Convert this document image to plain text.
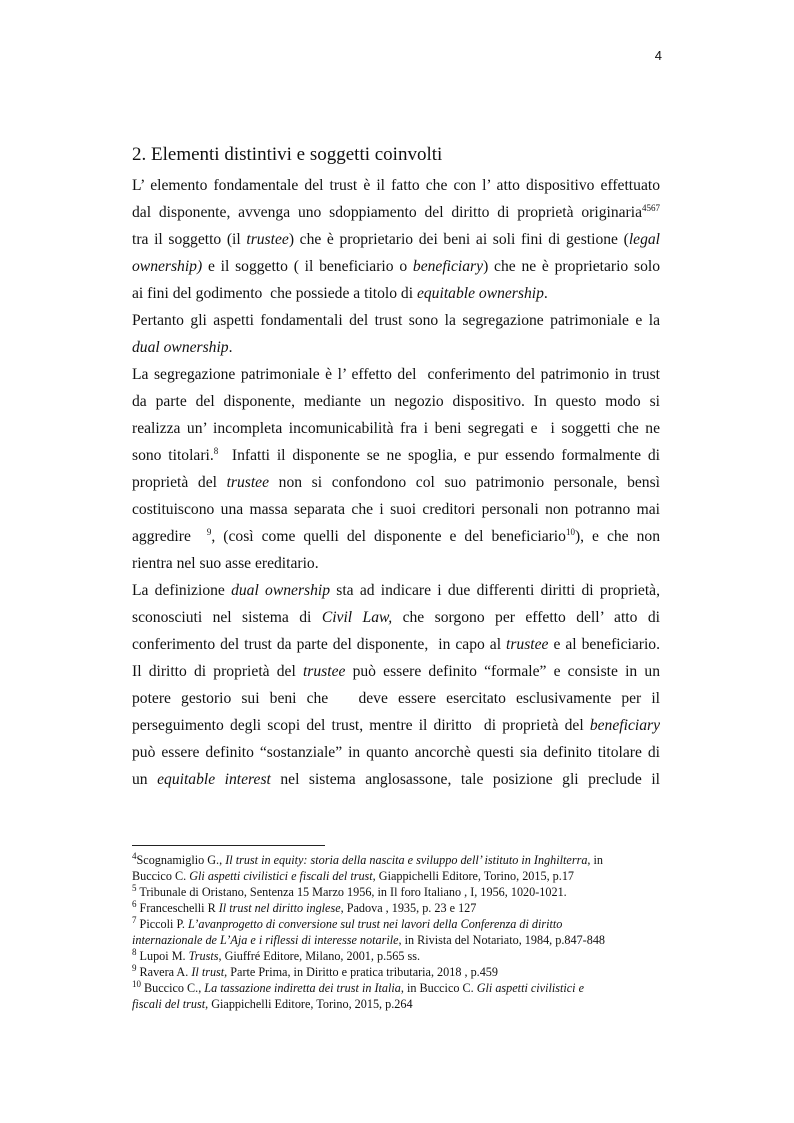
4
2. Elementi distintivi e soggetti coinvolti
L’ elemento fondamentale del trust è il fatto che con l’ atto dispositivo effettuato
dal disponente, avvenga uno sdoppiamento del diritto di proprietà originaria$^{4567}$
tra il soggetto (il trustee) che è proprietario dei beni ai soli fini di gestione (legal
ownership) e il soggetto ( il beneficiario o beneficiary) che ne è proprietario solo
ai fini del godimento  che possiede a titolo di equitable ownership.
Pertanto gli aspetti fondamentali del trust sono la segregazione patrimoniale e la
dual ownership.
La segregazione patrimoniale è l’ effetto del  conferimento del patrimonio in trust
da parte del disponente, mediante un negozio dispositivo. In questo modo si
realizza un’ incompleta incomunicabilità fra i beni segregati e  i soggetti che ne
sono titolari.$^8$  Infatti il disponente se ne spoglia, e pur essendo formalmente di
proprietà del trustee non si confondono col suo patrimonio personale, bensì
costituiscono una massa separata che i suoi creditori personali non potranno mai
aggredire  $^9$, (così come quelli del disponente e del beneficiario$^{10}$), e che non
rientra nel suo asse ereditario.
La definizione dual ownership sta ad indicare i due differenti diritti di proprietà,
sconosciuti nel sistema di Civil Law, che sorgono per effetto dell’ atto di
conferimento del trust da parte del disponente,  in capo al trustee e al beneficiario.
Il diritto di proprietà del trustee può essere definito “formale” e consiste in un
potere gestorio sui beni che   deve essere esercitato esclusivamente per il
perseguimento degli scopi del trust, mentre il diritto  di proprietà del beneficiary
può essere definito “sostanziale” in quanto ancorchè questi sia definito titolare di
un equitable interest nel sistema anglosassone, tale posizione gli preclude il
$^4$Scognamiglio G., Il trust in equity: storia della nascita e sviluppo dell’ istituto in Inghilterra, in
Buccico C. Gli aspetti civilistici e fiscali del trust, Giappichelli Editore, Torino, 2015, p.17
$^5$ Tribunale di Oristano, Sentenza 15 Marzo 1956, in Il foro Italiano , I, 1956, 1020-1021.
$^6$ Franceschelli R Il trust nel diritto inglese, Padova , 1935, p. 23 e 127
$^7$ Piccoli P. L’avanprogetto di conversione sul trust nei lavori della Conferenza di diritto
internazionale de L’Aja e i riflessi di interesse notarile, in Rivista del Notariato, 1984, p.847-848
$^8$ Lupoi M. Trusts, Giuffré Editore, Milano, 2001, p.565 ss.
$^9$ Ravera A. Il trust, Parte Prima, in Diritto e pratica tributaria, 2018 , p.459
$^{10}$ Buccico C., La tassazione indiretta dei trust in Italia, in Buccico C. Gli aspetti civilistici e
fiscali del trust, Giappichelli Editore, Torino, 2015, p.264
